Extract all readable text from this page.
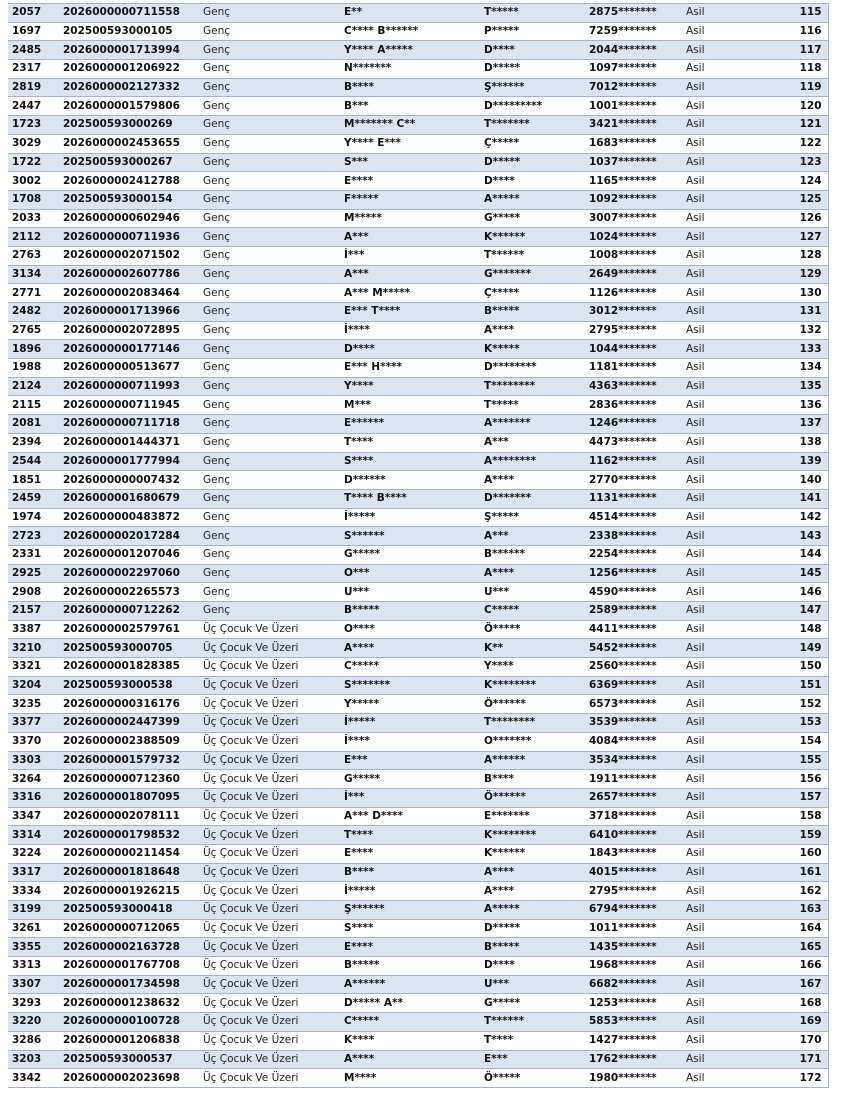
2057	2026000000711558	Genç	E**	T*****	2875*******	Asil	115
1697	202500593000105	Genç	C**** B******	P*****	7259*******	Asil	116
2485	2026000001713994	Genç	Y**** A*****	D****	2044*******	Asil	117
2317	2026000001206922	Genç	N*******	D*****	1097*******	Asil	118
2819	2026000002127332	Genç	B****	Ş******	7012*******	Asil	119
2447	2026000001579806	Genç	B***	D*********	1001*******	Asil	120
1723	202500593000269	Genç	M******* C**	T*******	3421*******	Asil	121
3029	2026000002453655	Genç	Y**** E***	Ç*****	1683*******	Asil	122
1722	202500593000267	Genç	S***	D*****	1037*******	Asil	123
3002	2026000002412788	Genç	E****	D****	1165*******	Asil	124
1708	202500593000154	Genç	F*****	A*****	1092*******	Asil	125
2033	2026000000602946	Genç	M*****	G*****	3007*******	Asil	126
2112	2026000000711936	Genç	A***	K******	1024*******	Asil	127
2763	2026000002071502	Genç	İ***	T******	1008*******	Asil	128
3134	2026000002607786	Genç	A***	G*******	2649*******	Asil	129
2771	2026000002083464	Genç	A*** M*****	Ç*****	1126*******	Asil	130
2482	2026000001713966	Genç	E*** T****	B*****	3012*******	Asil	131
2765	2026000002072895	Genç	İ****	A****	2795*******	Asil	132
1896	2026000000177146	Genç	D****	K*****	1044*******	Asil	133
1988	2026000000513677	Genç	E*** H****	D********	1181*******	Asil	134
2124	2026000000711993	Genç	Y****	T********	4363*******	Asil	135
2115	2026000000711945	Genç	M***	T*****	2836*******	Asil	136
2081	2026000000711718	Genç	E******	A*******	1246*******	Asil	137
2394	2026000001444371	Genç	T****	A***	4473*******	Asil	138
2544	2026000001777994	Genç	S****	A********	1162*******	Asil	139
1851	2026000000007432	Genç	D******	A****	2770*******	Asil	140
2459	2026000001680679	Genç	T**** B****	D*******	1131*******	Asil	141
1974	2026000000483872	Genç	İ*****	Ş*****	4514*******	Asil	142
2723	2026000002017284	Genç	S******	A***	2338*******	Asil	143
2331	2026000001207046	Genç	G*****	B******	2254*******	Asil	144
2925	2026000002297060	Genç	O***	A****	1256*******	Asil	145
2908	2026000002265573	Genç	U***	U***	4590*******	Asil	146
2157	2026000000712262	Genç	B*****	C*****	2589*******	Asil	147
3387	2026000002579761	Üç Çocuk Ve Üzeri	O****	Ö*****	4411*******	Asil	148
3210	202500593000705	Üç Çocuk Ve Üzeri	A****	K**	5452*******	Asil	149
3321	2026000001828385	Üç Çocuk Ve Üzeri	C*****	Y****	2560*******	Asil	150
3204	202500593000538	Üç Çocuk Ve Üzeri	S*******	K********	6369*******	Asil	151
3235	2026000000316176	Üç Çocuk Ve Üzeri	Y*****	Ö******	6573*******	Asil	152
3377	2026000002447399	Üç Çocuk Ve Üzeri	İ*****	T********	3539*******	Asil	153
3370	2026000002388509	Üç Çocuk Ve Üzeri	İ****	O*******	4084*******	Asil	154
3303	2026000001579732	Üç Çocuk Ve Üzeri	E***	A******	3534*******	Asil	155
3264	2026000000712360	Üç Çocuk Ve Üzeri	G*****	B****	1911*******	Asil	156
3316	2026000001807095	Üç Çocuk Ve Üzeri	İ***	Ö******	2657*******	Asil	157
3347	2026000002078111	Üç Çocuk Ve Üzeri	A*** D****	E*******	3718*******	Asil	158
3314	2026000001798532	Üç Çocuk Ve Üzeri	T****	K********	6410*******	Asil	159
3224	2026000000211454	Üç Çocuk Ve Üzeri	E****	K******	1843*******	Asil	160
3317	2026000001818648	Üç Çocuk Ve Üzeri	B****	A****	4015*******	Asil	161
3334	2026000001926215	Üç Çocuk Ve Üzeri	İ*****	A****	2795*******	Asil	162
3199	202500593000418	Üç Çocuk Ve Üzeri	Ş******	A*****	6794*******	Asil	163
3261	2026000000712065	Üç Çocuk Ve Üzeri	S****	D*****	1011*******	Asil	164
3355	2026000002163728	Üç Çocuk Ve Üzeri	E****	B*****	1435*******	Asil	165
3313	2026000001767708	Üç Çocuk Ve Üzeri	B*****	D****	1968*******	Asil	166
3307	2026000001734598	Üç Çocuk Ve Üzeri	A******	U***	6682*******	Asil	167
3293	2026000001238632	Üç Çocuk Ve Üzeri	D***** A**	G*****	1253*******	Asil	168
3220	2026000000100728	Üç Çocuk Ve Üzeri	C*****	T******	5853*******	Asil	169
3286	2026000001206838	Üç Çocuk Ve Üzeri	K****	T****	1427*******	Asil	170
3203	202500593000537	Üç Çocuk Ve Üzeri	A****	E***	1762*******	Asil	171
3342	2026000002023698	Üç Çocuk Ve Üzeri	M****	Ö*****	1980*******	Asil	172
